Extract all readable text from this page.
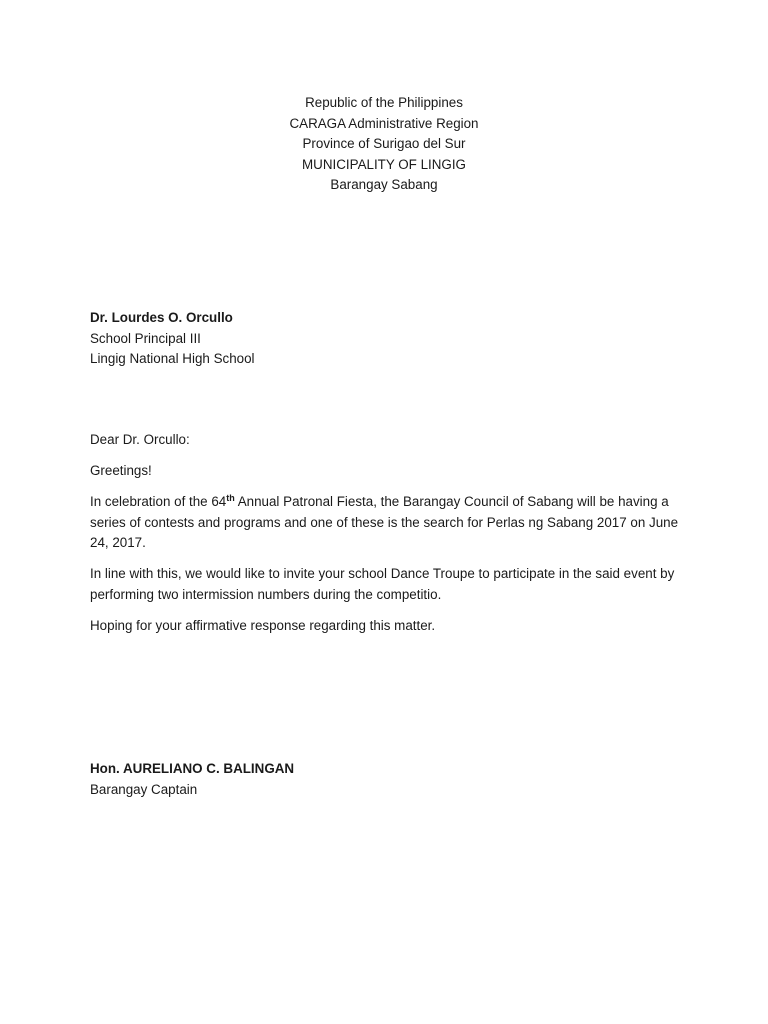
Republic of the Philippines
CARAGA Administrative Region
Province of Surigao del Sur
MUNICIPALITY OF LINGIG
Barangay Sabang
Dr. Lourdes O. Orcullo
School Principal III
Lingig National High School

Dear Dr. Orcullo:

Greetings!

In celebration of the 64th Annual Patronal Fiesta, the Barangay Council of Sabang will be having a series of contests and programs and one of these is the search for Perlas ng Sabang 2017 on June 24, 2017.

In line with this, we would like to invite your school Dance Troupe to participate in the said event by performing two intermission numbers during the competitio.

Hoping for your affirmative response regarding this matter.

Hon. AURELIANO C. BALINGAN
Barangay Captain
